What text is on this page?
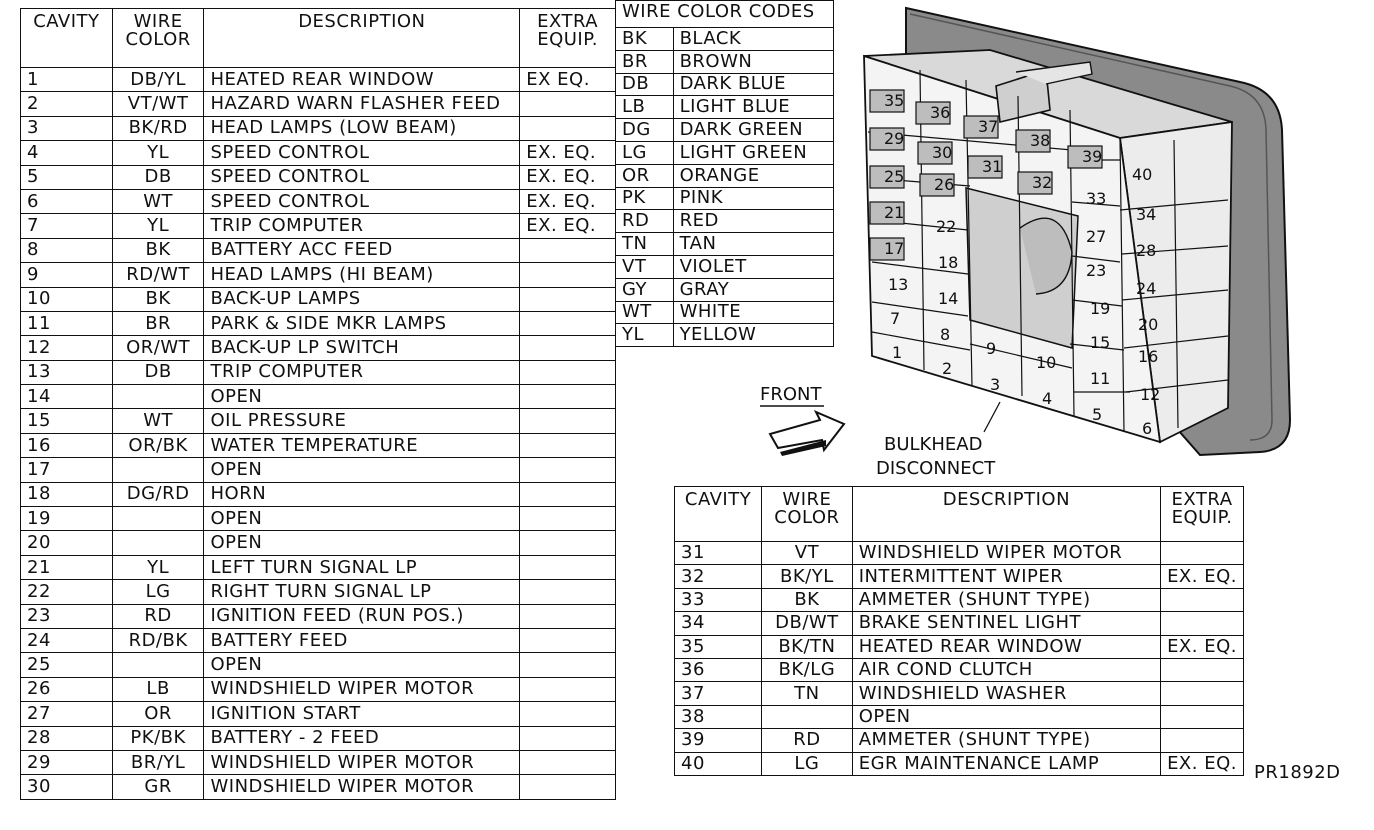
CAVITY	WIRE COLOR	DESCRIPTION	EXTRA EQUIP.
1	DB/YL	HEATED REAR WINDOW	EX EQ.
2	VT/WT	HAZARD WARN FLASHER FEED	
3	BK/RD	HEAD LAMPS (LOW BEAM)	
4	YL	SPEED CONTROL	EX. EQ.
5	DB	SPEED CONTROL	EX. EQ.
6	WT	SPEED CONTROL	EX. EQ.
7	YL	TRIP COMPUTER	EX. EQ.
8	BK	BATTERY ACC FEED	
9	RD/WT	HEAD LAMPS (HI BEAM)	
10	BK	BACK-UP LAMPS	
11	BR	PARK & SIDE MKR LAMPS	
12	OR/WT	BACK-UP LP SWITCH	
13	DB	TRIP COMPUTER	
14		OPEN	
15	WT	OIL PRESSURE	
16	OR/BK	WATER TEMPERATURE	
17		OPEN	
18	DG/RD	HORN	
19		OPEN	
20		OPEN	
21	YL	LEFT TURN SIGNAL LP	
22	LG	RIGHT TURN SIGNAL LP	
23	RD	IGNITION FEED (RUN POS.)	
24	RD/BK	BATTERY FEED	
25		OPEN	
26	LB	WINDSHIELD WIPER MOTOR	
27	OR	IGNITION START	
28	PK/BK	BATTERY - 2 FEED	
29	BR/YL	WINDSHIELD WIPER MOTOR	
30	GR	WINDSHIELD WIPER MOTOR	
WIRE COLOR CODES	
BK	BLACK
BR	BROWN
DB	DARK BLUE
LB	LIGHT BLUE
DG	DARK GREEN
LG	LIGHT GREEN
OR	ORANGE
PK	PINK
RD	RED
TN	TAN
VT	VIOLET
GY	GRAY
WT	WHITE
YL	YELLOW
1
2
3
4
5
6
7
8
9
10
11
12
13
14
15
16
17
18
19
20
21
22
23
24
25 26
27
28
29
30
31
32
33
34
35
36
37
38
39
40
FRONT
BULKHEAD
DISCONNECT
CAVITY	WIRE COLOR	DESCRIPTION	EXTRA EQUIP.
31	VT	WINDSHIELD WIPER MOTOR	
32	BK/YL	INTERMITTENT WIPER	EX. EQ.
33	BK	AMMETER (SHUNT TYPE)	
34	DB/WT	BRAKE SENTINEL LIGHT	
35	BK/TN	HEATED REAR WINDOW	EX. EQ.
36	BK/LG	AIR COND CLUTCH	
37	TN	WINDSHIELD WASHER	
38		OPEN	
39	RD	AMMETER (SHUNT TYPE)	
40	LG	EGR MAINTENANCE LAMP	EX. EQ. PR1892D
